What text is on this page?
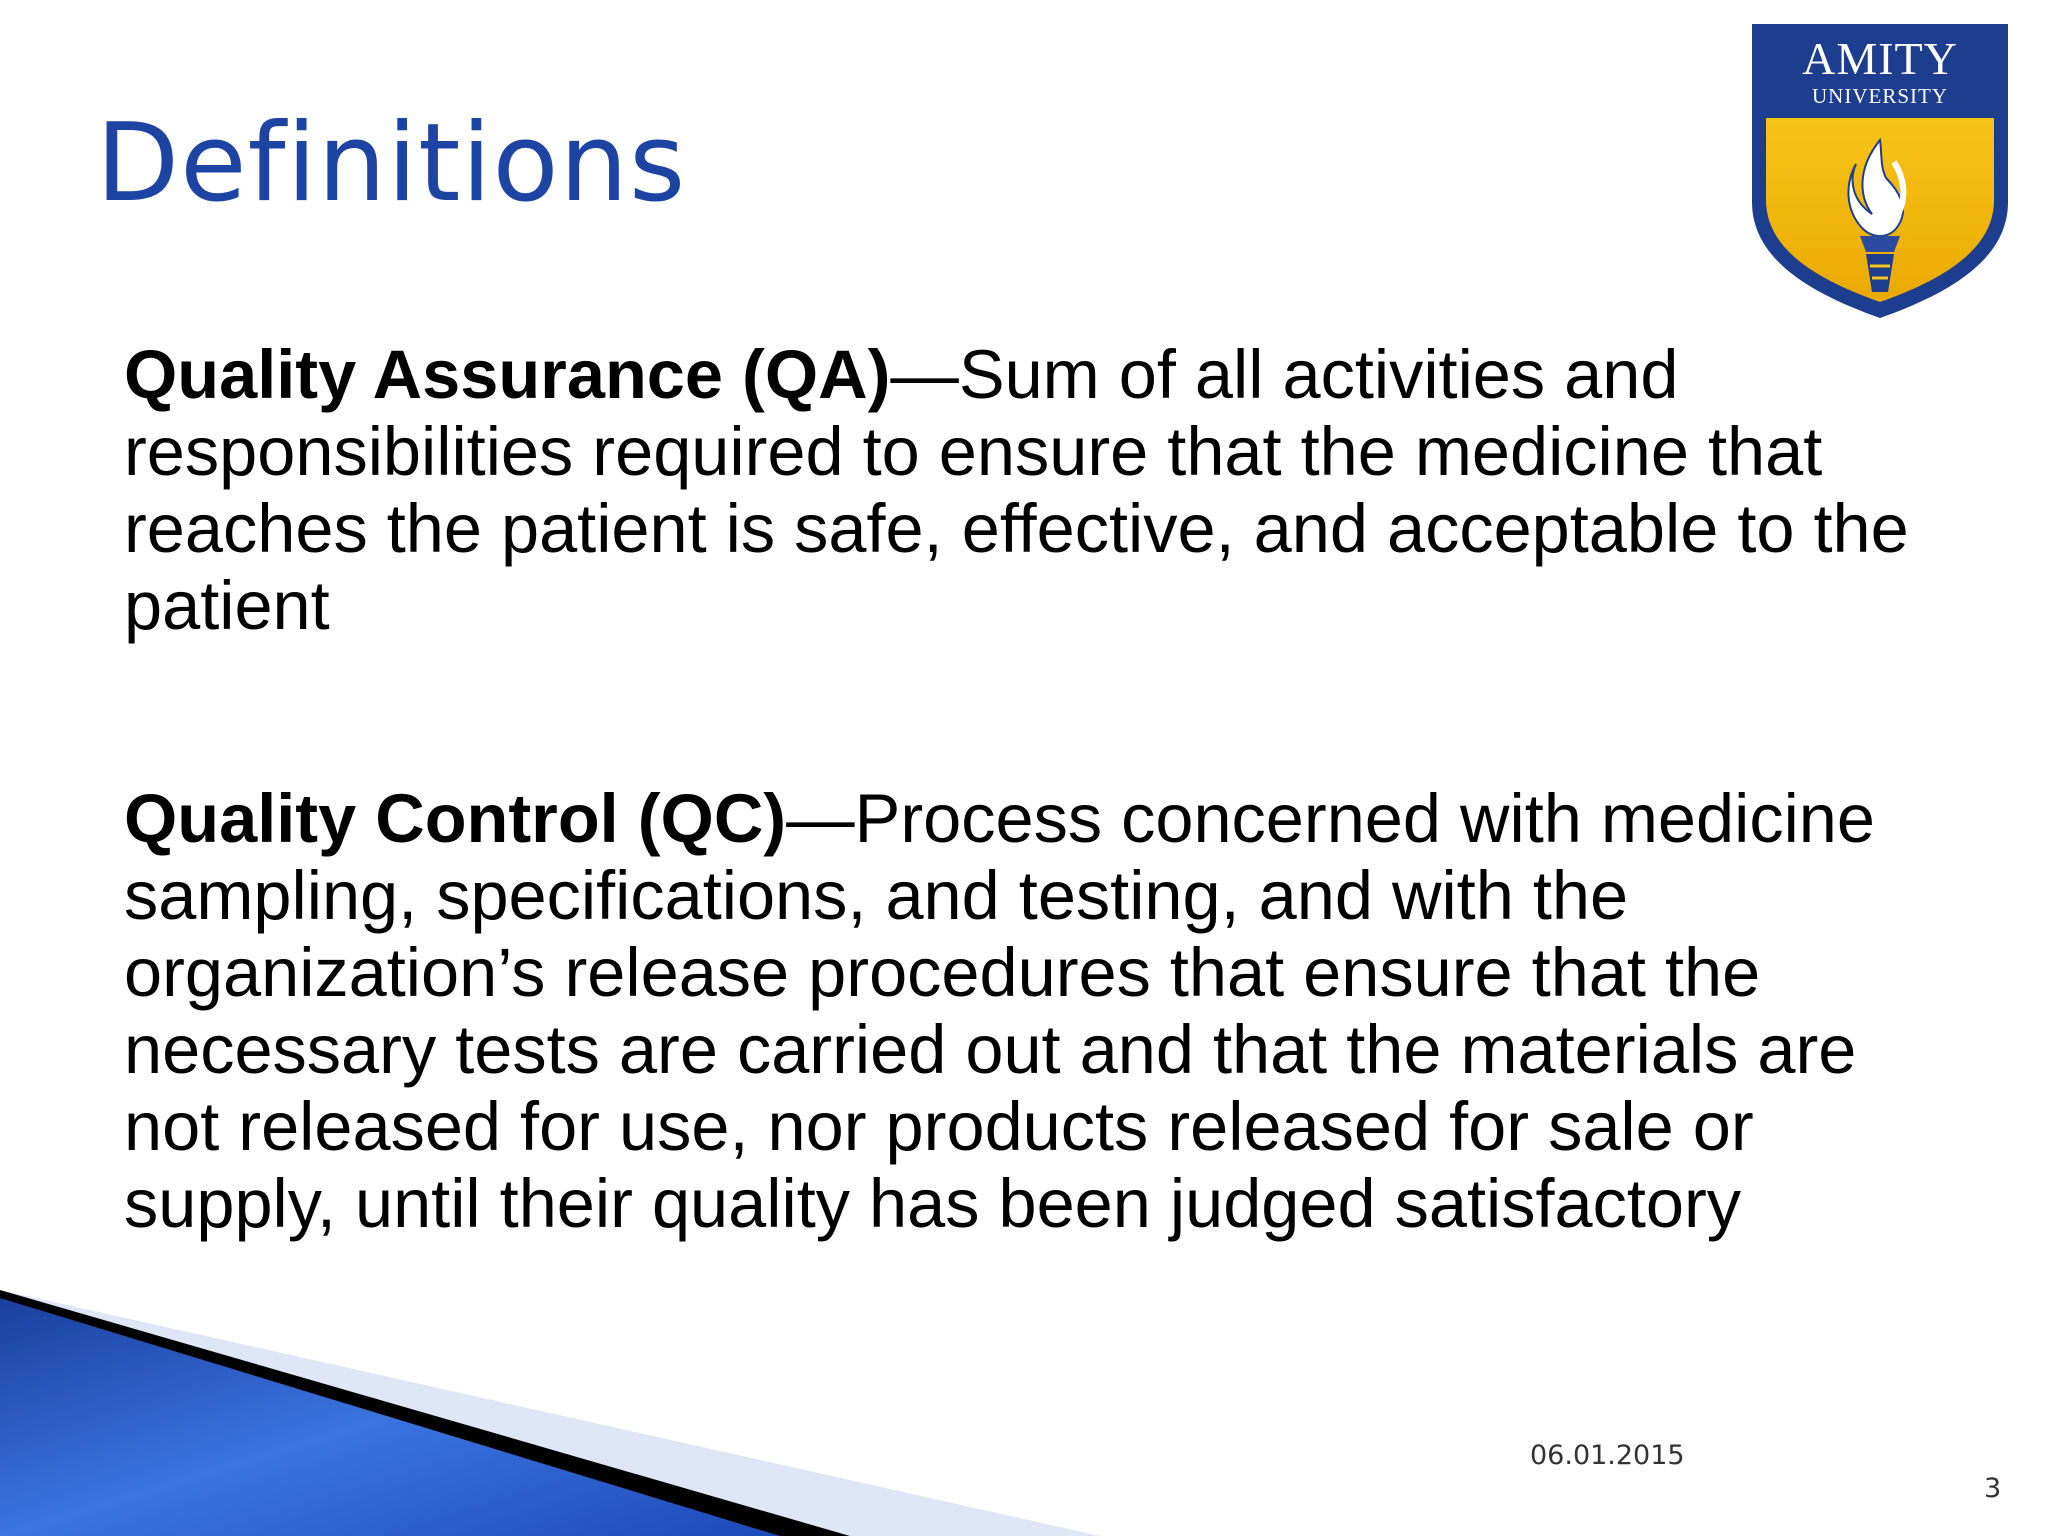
Definitions
AMITY
UNIVERSITY

Quality Assurance (QA)—Sum of all activities and responsibilities required to ensure that the medicine that reaches the patient is safe, effective, and acceptable to the patient

Quality Control (QC)—Process concerned with medicine sampling, specifications, and testing, and with the organization’s release procedures that ensure that the necessary tests are carried out and that the materials are not released for use, nor products released for sale or supply, until their quality has been judged satisfactory

06.01.2015
3
